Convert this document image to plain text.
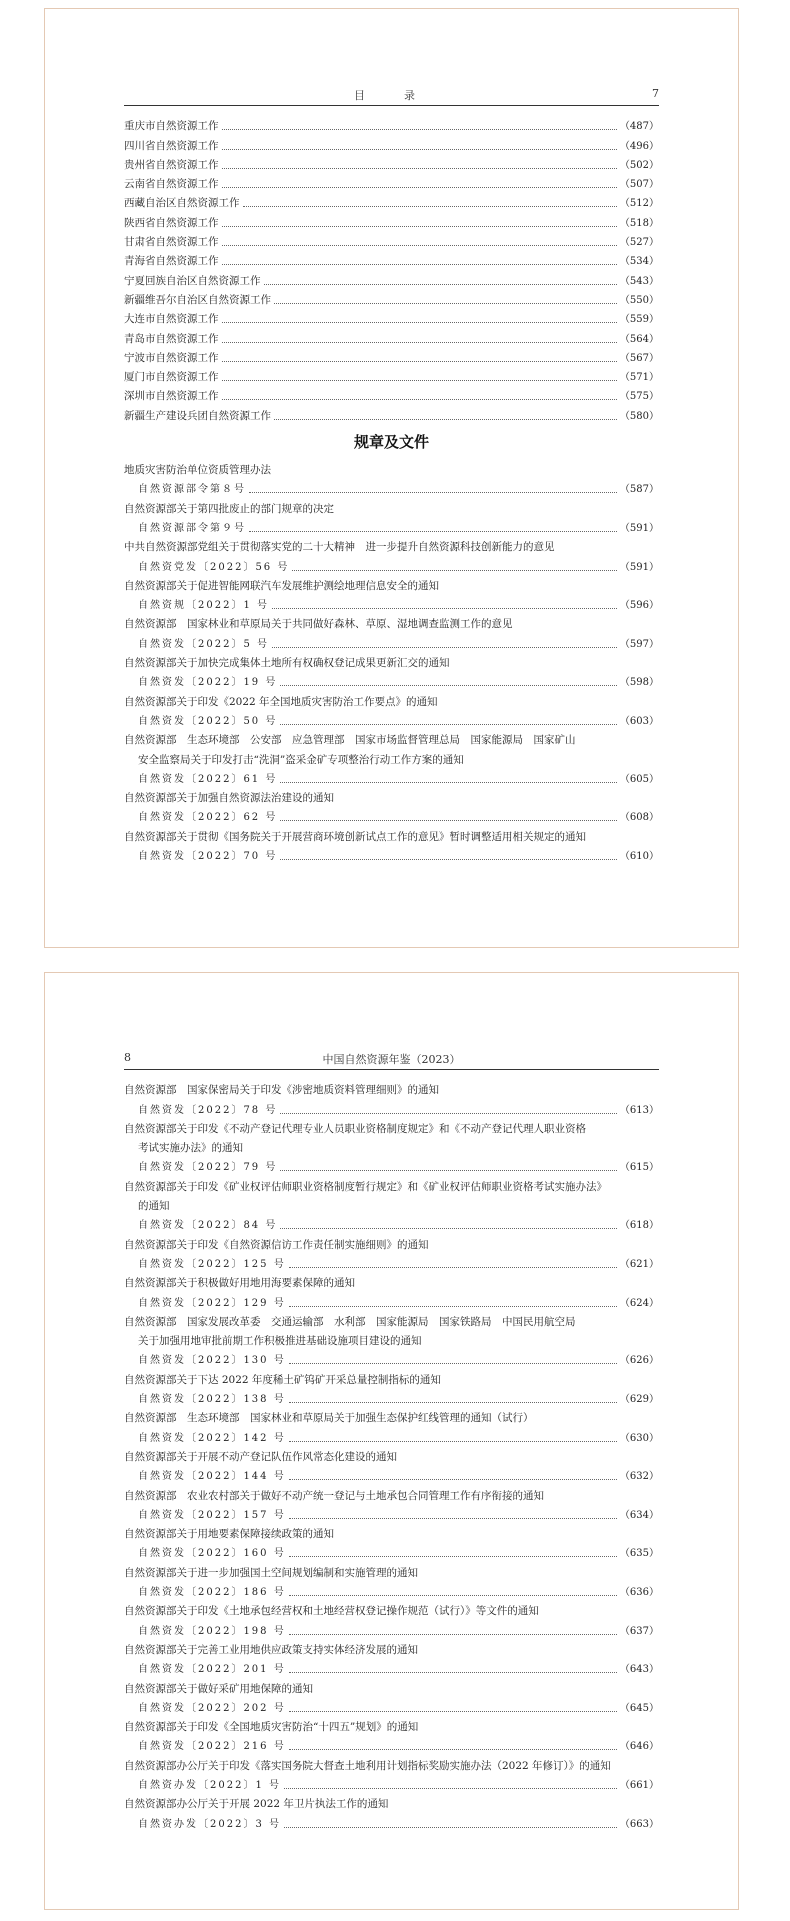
目　录	7
重庆市自然资源工作	（487）
四川省自然资源工作	（496）
贵州省自然资源工作	（502）
云南省自然资源工作	（507）
西藏自治区自然资源工作	（512）
陕西省自然资源工作	（518）
甘肃省自然资源工作	（527）
青海省自然资源工作	（534）
宁夏回族自治区自然资源工作	（543）
新疆维吾尔自治区自然资源工作	（550）
大连市自然资源工作	（559）
青岛市自然资源工作	（564）
宁波市自然资源工作	（567）
厦门市自然资源工作	（571）
深圳市自然资源工作	（575）
新疆生产建设兵团自然资源工作	（580）
规章及文件
地质灾害防治单位资质管理办法
自然资源部令第８号	（587）
自然资源部关于第四批废止的部门规章的决定
自然资源部令第９号	（591）
中共自然资源部党组关于贯彻落实党的二十大精神　进一步提升自然资源科技创新能力的意见
自然资党发〔2022〕56 号	（591）
自然资源部关于促进智能网联汽车发展维护测绘地理信息安全的通知
自然资规〔2022〕1 号	（596）
自然资源部　国家林业和草原局关于共同做好森林、草原、湿地调查监测工作的意见
自然资发〔2022〕5 号	（597）
自然资源部关于加快完成集体土地所有权确权登记成果更新汇交的通知
自然资发〔2022〕19 号	（598）
自然资源部关于印发《2022 年全国地质灾害防治工作要点》的通知
自然资发〔2022〕50 号	（603）
自然资源部　生态环境部　公安部　应急管理部　国家市场监督管理总局　国家能源局　国家矿山
安全监察局关于印发打击“洗洞”盗采金矿专项整治行动工作方案的通知
自然资发〔2022〕61 号	（605）
自然资源部关于加强自然资源法治建设的通知
自然资发〔2022〕62 号	（608）
自然资源部关于贯彻《国务院关于开展营商环境创新试点工作的意见》暂时调整适用相关规定的通知
自然资发〔2022〕70 号	（610）
8	中国自然资源年鉴（2023）
自然资源部　国家保密局关于印发《涉密地质资料管理细则》的通知
自然资发〔2022〕78 号	（613）
自然资源部关于印发《不动产登记代理专业人员职业资格制度规定》和《不动产登记代理人职业资格
考试实施办法》的通知
自然资发〔2022〕79 号	（615）
自然资源部关于印发《矿业权评估师职业资格制度暂行规定》和《矿业权评估师职业资格考试实施办法》
的通知
自然资发〔2022〕84 号	（618）
自然资源部关于印发《自然资源信访工作责任制实施细则》的通知
自然资发〔2022〕125 号	（621）
自然资源部关于积极做好用地用海要素保障的通知
自然资发〔2022〕129 号	（624）
自然资源部　国家发展改革委　交通运输部　水利部　国家能源局　国家铁路局　中国民用航空局
关于加强用地审批前期工作积极推进基础设施项目建设的通知
自然资发〔2022〕130 号	（626）
自然资源部关于下达 2022 年度稀土矿钨矿开采总量控制指标的通知
自然资发〔2022〕138 号	（629）
自然资源部　生态环境部　国家林业和草原局关于加强生态保护红线管理的通知（试行）
自然资发〔2022〕142 号	（630）
自然资源部关于开展不动产登记队伍作风常态化建设的通知
自然资发〔2022〕144 号	（632）
自然资源部　农业农村部关于做好不动产统一登记与土地承包合同管理工作有序衔接的通知
自然资发〔2022〕157 号	（634）
自然资源部关于用地要素保障接续政策的通知
自然资发〔2022〕160 号	（635）
自然资源部关于进一步加强国土空间规划编制和实施管理的通知
自然资发〔2022〕186 号	（636）
自然资源部关于印发《土地承包经营权和土地经营权登记操作规范（试行）》等文件的通知
自然资发〔2022〕198 号	（637）
自然资源部关于完善工业用地供应政策支持实体经济发展的通知
自然资发〔2022〕201 号	（643）
自然资源部关于做好采矿用地保障的通知
自然资发〔2022〕202 号	（645）
自然资源部关于印发《全国地质灾害防治“十四五”规划》的通知
自然资发〔2022〕216 号	（646）
自然资源部办公厅关于印发《落实国务院大督查土地利用计划指标奖励实施办法（2022 年修订）》的通知
自然资办发〔2022〕1 号	（661）
自然资源部办公厅关于开展 2022 年卫片执法工作的通知
自然资办发〔2022〕3 号	（663）
